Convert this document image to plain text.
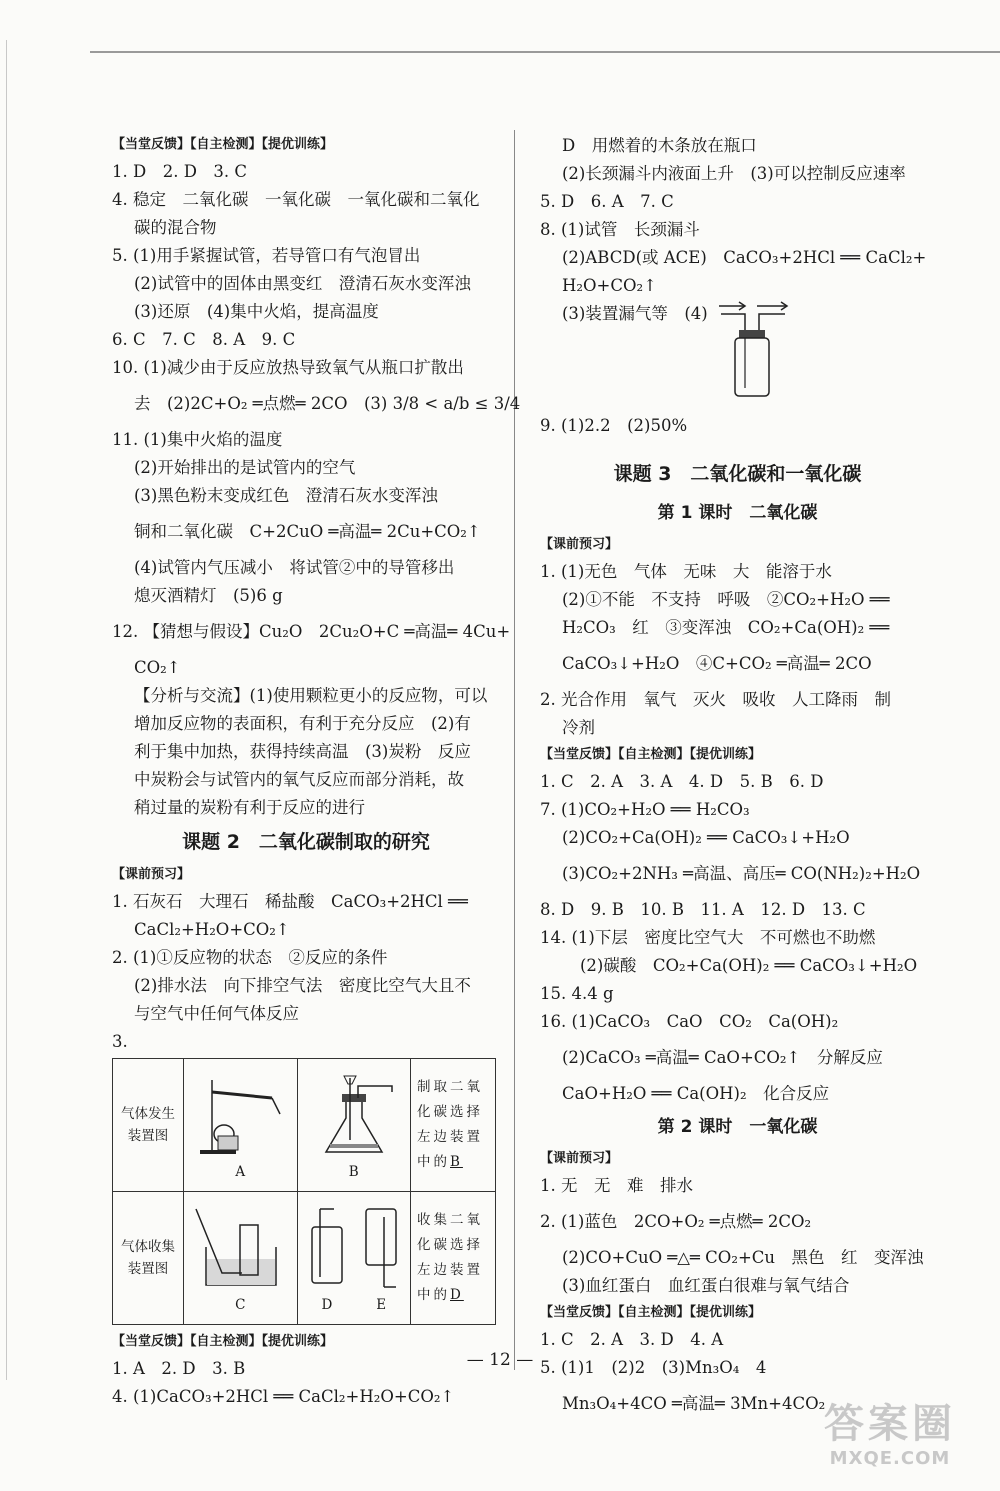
【当堂反馈】【自主检测】【提优训练】
1. D　2. D　3. C
4. 稳定　二氧化碳　一氧化碳　一氧化碳和二氧化
碳的混合物
5. (1)用手紧握试管，若导管口有气泡冒出
(2)试管中的固体由黑变红　澄清石灰水变浑浊
(3)还原　(4)集中火焰，提高温度
6. C　7. C　8. A　9. C
10. (1)减少由于反应放热导致氧气从瓶口扩散出
去　(2)2C+O₂ ═点燃═ 2CO　(3) 3/8 < a/b ≤ 3/4
11. (1)集中火焰的温度
(2)开始排出的是试管内的空气
(3)黑色粉末变成红色　澄清石灰水变浑浊
铜和二氧化碳　C+2CuO ═高温═ 2Cu+CO₂↑
(4)试管内气压减小　将试管②中的导管移出
熄灭酒精灯　(5)6 g
12. 【猜想与假设】Cu₂O　2Cu₂O+C ═高温═ 4Cu+
CO₂↑
【分析与交流】(1)使用颗粒更小的反应物，可以
增加反应物的表面积，有利于充分反应　(2)有
利于集中加热，获得持续高温　(3)炭粉　反应
中炭粉会与试管内的氧气反应而部分消耗，故
稍过量的炭粉有利于反应的进行
课题 2　二氧化碳制取的研究
【课前预习】
1. 石灰石　大理石　稀盐酸　CaCO₃+2HCl ══
CaCl₂+H₂O+CO₂↑
2. (1)①反应物的状态　②反应的条件
(2)排水法　向下排空气法　密度比空气大且不
与空气中任何气体反应
3.
气体发生装置图	A	B	制取二氧化碳选择左边装置中的B
气体收集装置图	C	D E	收集二氧化碳选择左边装置中的D
【当堂反馈】【自主检测】【提优训练】
1. A　2. D　3. B
4. (1)CaCO₃+2HCl ══ CaCl₂+H₂O+CO₂↑
D　用燃着的木条放在瓶口
(2)长颈漏斗内液面上升　(3)可以控制反应速率
5. D　6. A　7. C
8. (1)试管　长颈漏斗
(2)ABCD(或 ACE)　CaCO₃+2HCl ══ CaCl₂+
H₂O+CO₂↑
(3)装置漏气等　(4)
9. (1)2.2　(2)50%
课题 3　二氧化碳和一氧化碳
第 1 课时　二氧化碳
【课前预习】
1. (1)无色　气体　无味　大　能溶于水
(2)①不能　不支持　呼吸　②CO₂+H₂O ══
H₂CO₃　红　③变浑浊　CO₂+Ca(OH)₂ ══
CaCO₃↓+H₂O　④C+CO₂ ═高温═ 2CO
2. 光合作用　氧气　灭火　吸收　人工降雨　制
冷剂
【当堂反馈】【自主检测】【提优训练】
1. C　2. A　3. A　4. D　5. B　6. D
7. (1)CO₂+H₂O ══ H₂CO₃
(2)CO₂+Ca(OH)₂ ══ CaCO₃↓+H₂O
(3)CO₂+2NH₃ ═高温、高压═ CO(NH₂)₂+H₂O
8. D　9. B　10. B　11. A　12. D　13. C
14. (1)下层　密度比空气大　不可燃也不助燃
(2)碳酸　CO₂+Ca(OH)₂ ══ CaCO₃↓+H₂O
15. 4.4 g
16. (1)CaCO₃　CaO　CO₂　Ca(OH)₂
(2)CaCO₃ ═高温═ CaO+CO₂↑　分解反应
CaO+H₂O ══ Ca(OH)₂　化合反应
第 2 课时　一氧化碳
【课前预习】
1. 无　无　难　排水
2. (1)蓝色　2CO+O₂ ═点燃═ 2CO₂
(2)CO+CuO ═△═ CO₂+Cu　黑色　红　变浑浊
(3)血红蛋白　血红蛋白很难与氧气结合
【当堂反馈】【自主检测】【提优训练】
1. C　2. A　3. D　4. A
5. (1)1　(2)2　(3)Mn₃O₄　4
Mn₃O₄+4CO ═高温═ 3Mn+4CO₂
— 12 —
答案圈
MXQE.COM
